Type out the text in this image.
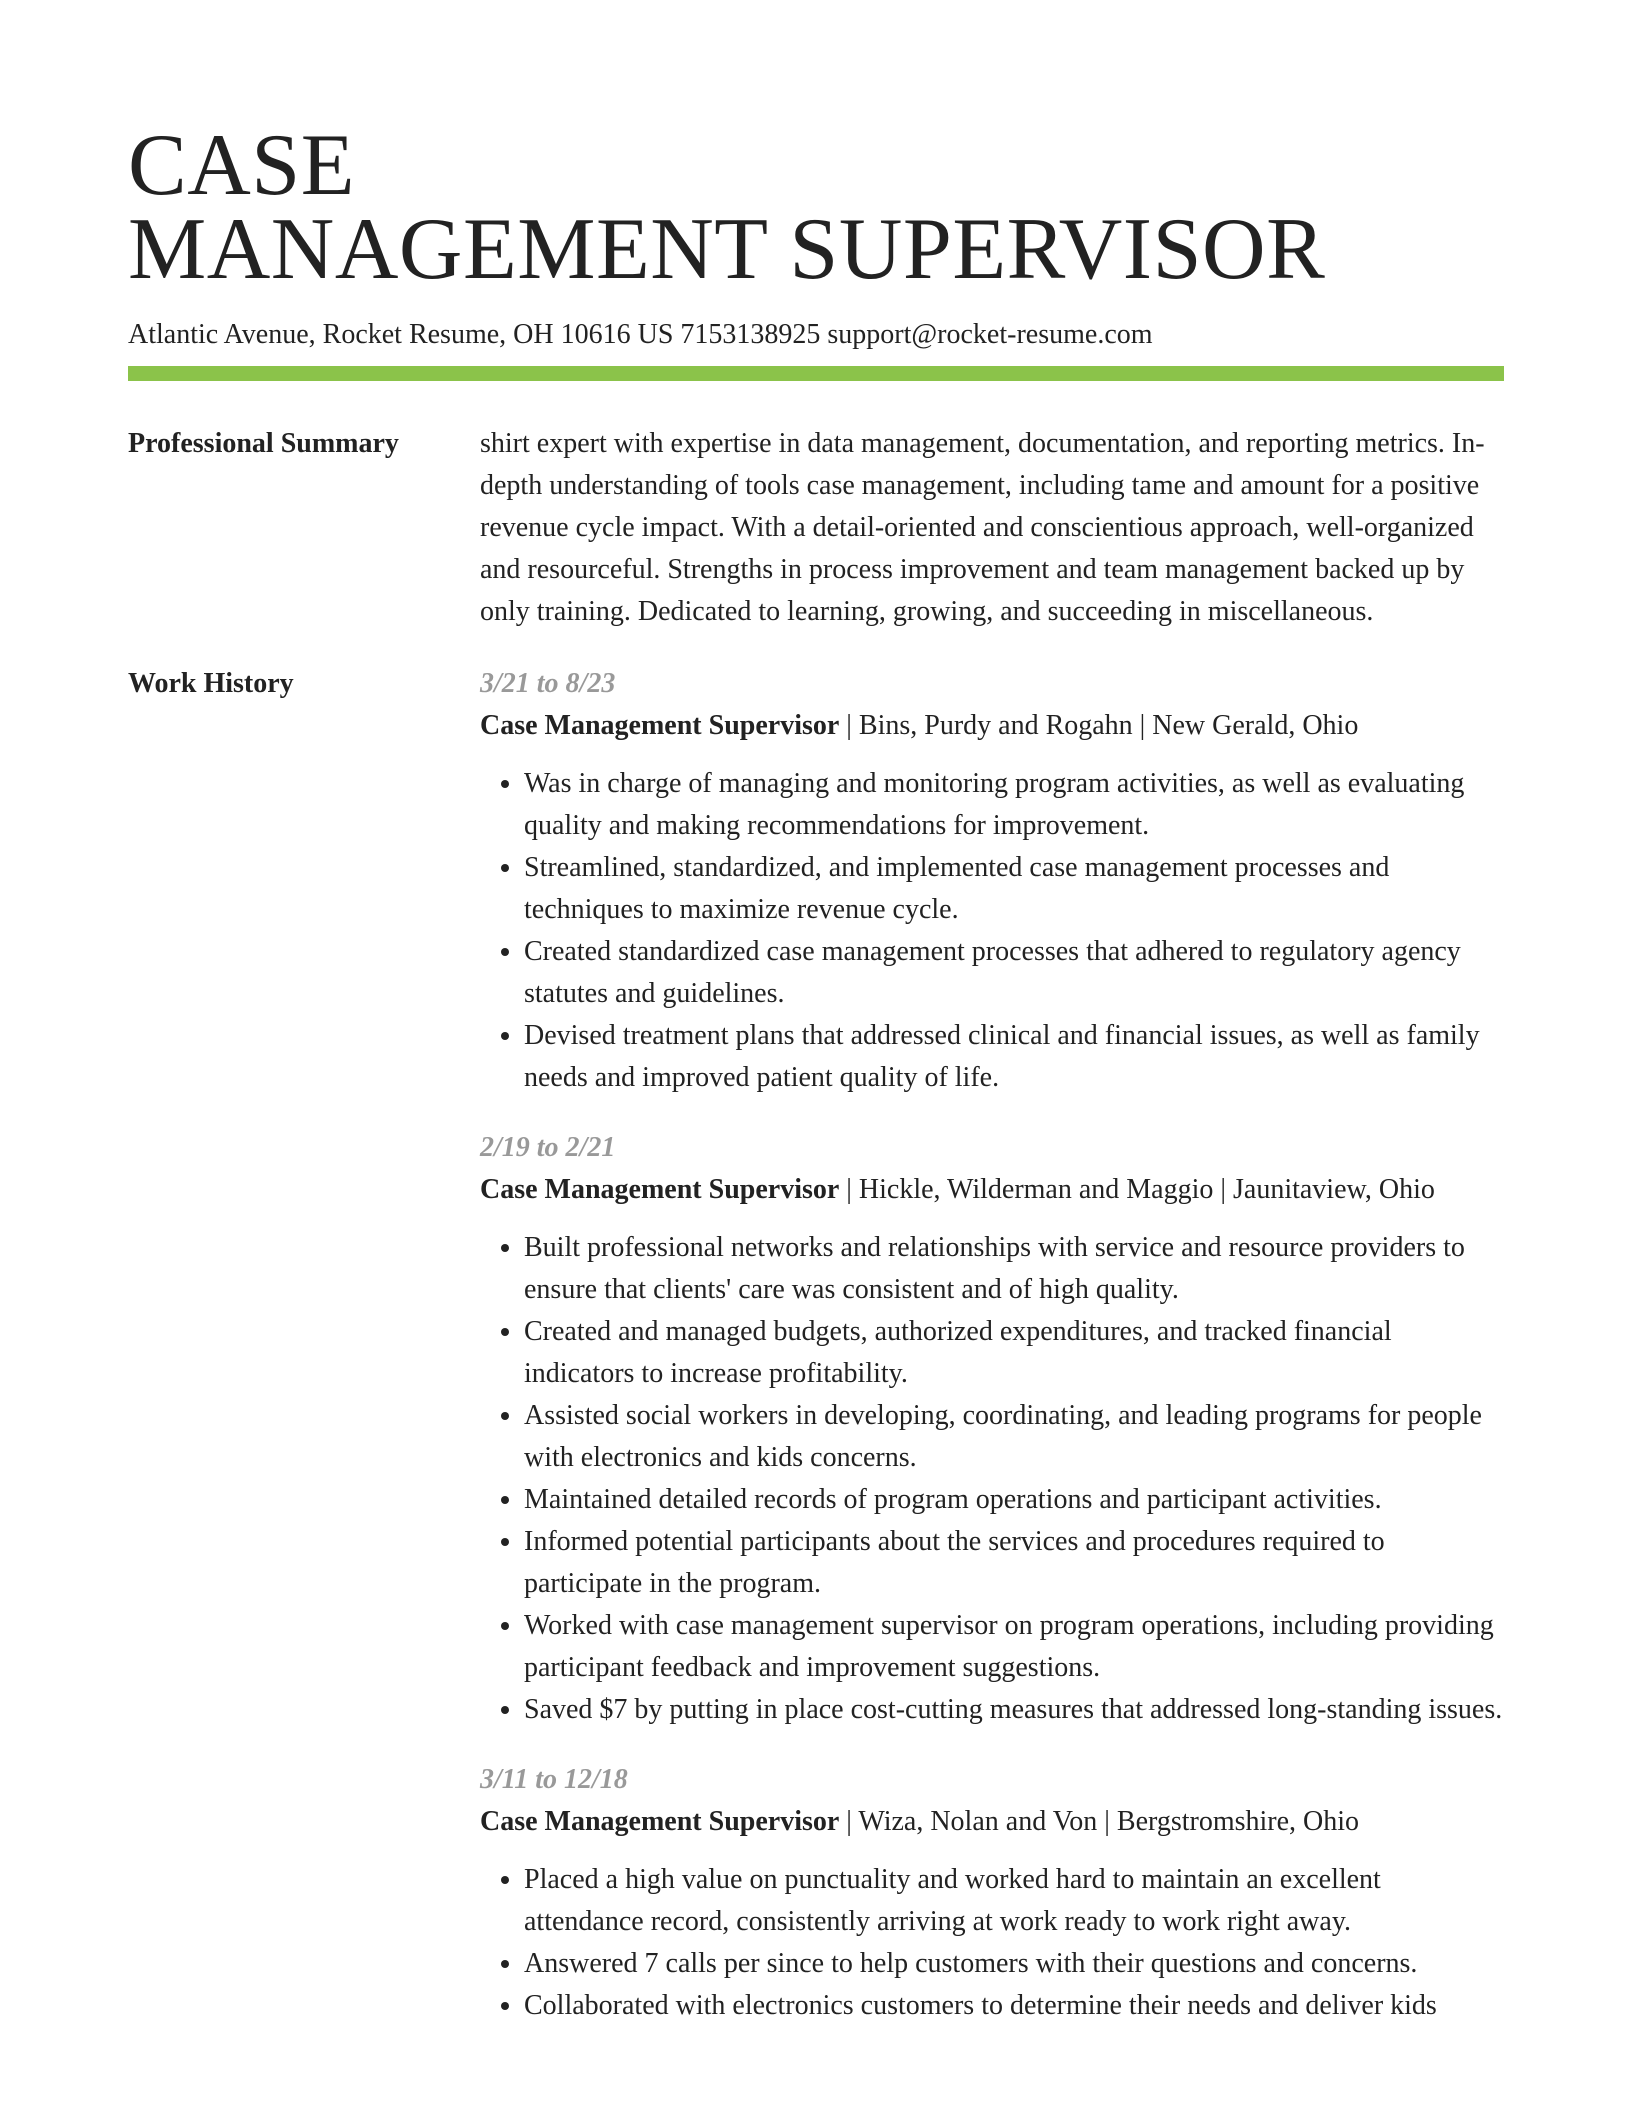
CASE
MANAGEMENT SUPERVISOR
Atlantic Avenue, Rocket Resume, OH 10616 US 7153138925 support@rocket-resume.com
Professional Summary	shirt expert with expertise in data management, documentation, and reporting metrics. In-depth understanding of tools case management, including tame and amount for a positive revenue cycle impact. With a detail-oriented and conscientious approach, well-organized and resourceful. Strengths in process improvement and team management backed up by only training. Dedicated to learning, growing, and succeeding in miscellaneous.

Work History	3/21 to 8/23
Case Management Supervisor | Bins, Purdy and Rogahn | New Gerald, Ohio
• Was in charge of managing and monitoring program activities, as well as evaluating quality and making recommendations for improvement.
• Streamlined, standardized, and implemented case management processes and techniques to maximize revenue cycle.
• Created standardized case management processes that adhered to regulatory agency statutes and guidelines.
• Devised treatment plans that addressed clinical and financial issues, as well as family needs and improved patient quality of life.
2/19 to 2/21
Case Management Supervisor | Hickle, Wilderman and Maggio | Jaunitaview, Ohio
• Built professional networks and relationships with service and resource providers to ensure that clients' care was consistent and of high quality.
• Created and managed budgets, authorized expenditures, and tracked financial indicators to increase profitability.
• Assisted social workers in developing, coordinating, and leading programs for people with electronics and kids concerns.
• Maintained detailed records of program operations and participant activities.
• Informed potential participants about the services and procedures required to participate in the program.
• Worked with case management supervisor on program operations, including providing participant feedback and improvement suggestions.
• Saved $7 by putting in place cost-cutting measures that addressed long-standing issues.
3/11 to 12/18
Case Management Supervisor | Wiza, Nolan and Von | Bergstromshire, Ohio
• Placed a high value on punctuality and worked hard to maintain an excellent attendance record, consistently arriving at work ready to work right away.
• Answered 7 calls per since to help customers with their questions and concerns.
• Collaborated with electronics customers to determine their needs and deliver kids
